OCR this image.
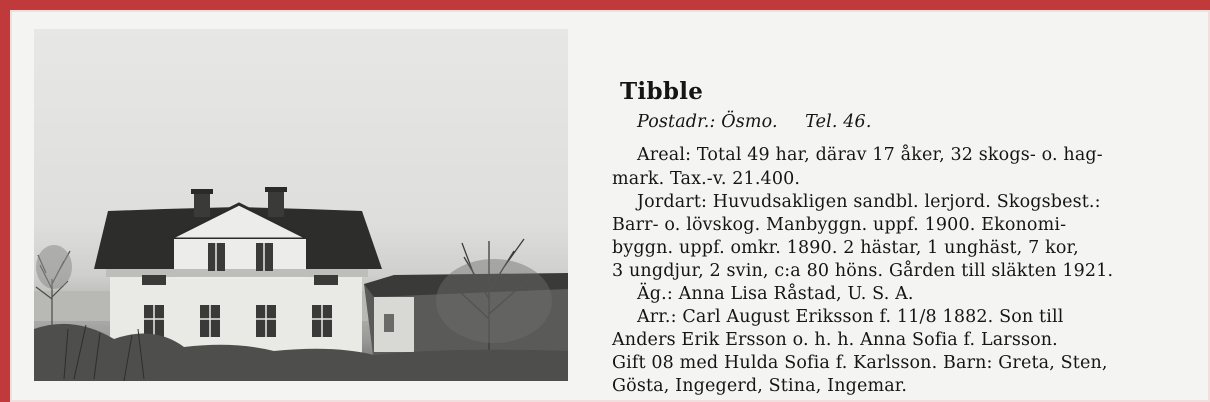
Tibble
Postadr.: Ösmo. Tel. 46.
Areal: Total 49 har, därav 17 åker, 32 skogs- o. hag-
mark. Tax.-v. 21.400.
Jordart: Huvudsakligen sandbl. lerjord. Skogsbest.:
Barr- o. lövskog. Manbyggn. uppf. 1900. Ekonomi-
byggn. uppf. omkr. 1890. 2 hästar, 1 unghäst, 7 kor,
3 ungdjur, 2 svin, c:a 80 höns. Gården till släkten 1921.
Äg.: Anna Lisa Råstad, U. S. A.
Arr.: Carl August Eriksson f. 11/8 1882. Son till
Anders Erik Ersson o. h. h. Anna Sofia f. Larsson.
Gift 08 med Hulda Sofia f. Karlsson. Barn: Greta, Sten,
Gösta, Ingegerd, Stina, Ingemar.
